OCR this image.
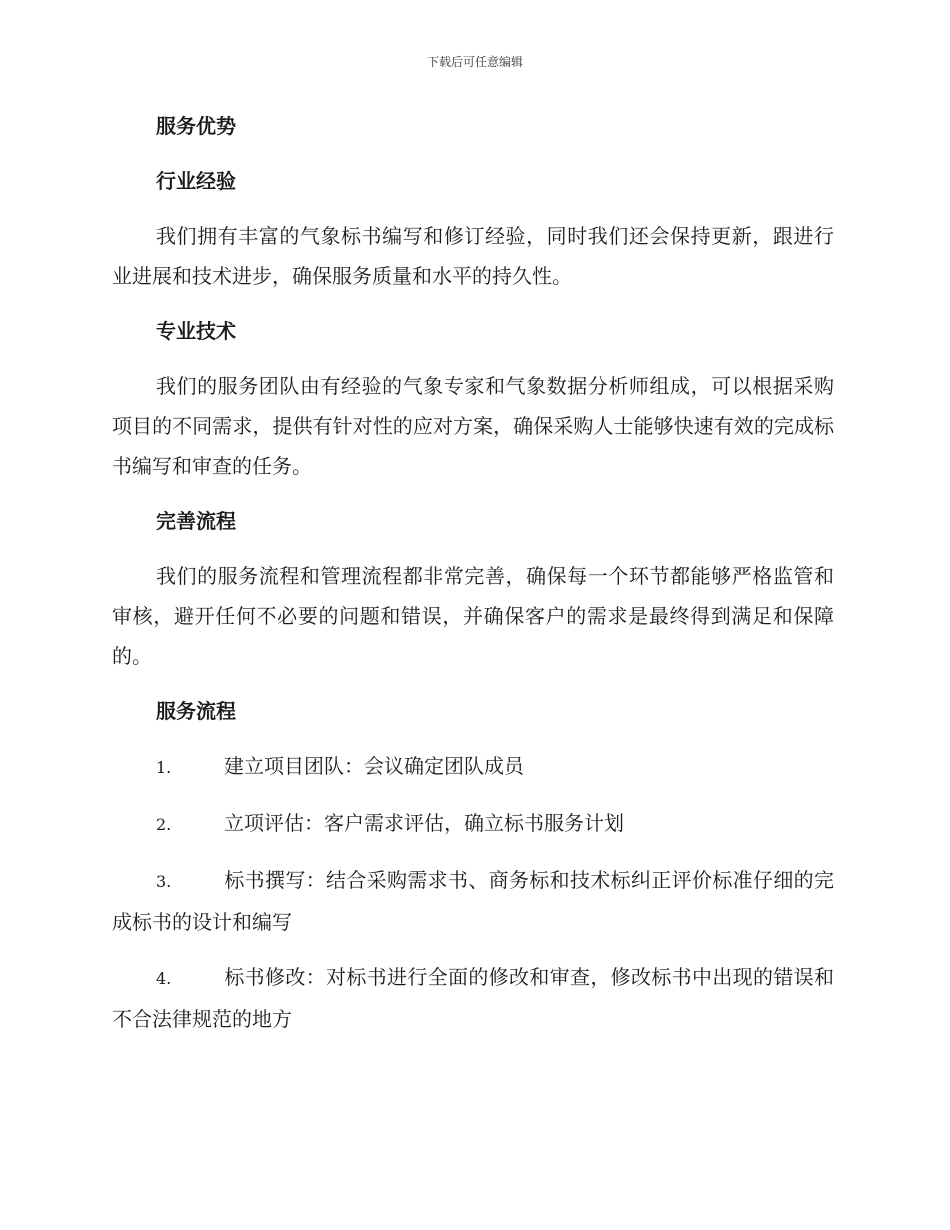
下载后可任意编辑
服务优势
行业经验
我们拥有丰富的气象标书编写和修订经验，同时我们还会保持更新，跟进行业进展和技术进步，确保服务质量和水平的持久性。
专业技术
我们的服务团队由有经验的气象专家和气象数据分析师组成，可以根据采购项目的不同需求，提供有针对性的应对方案，确保采购人士能够快速有效的完成标书编写和审查的任务。
完善流程
我们的服务流程和管理流程都非常完善，确保每一个环节都能够严格监管和审核，避开任何不必要的问题和错误，并确保客户的需求是最终得到满足和保障的。
服务流程
1.	建立项目团队：会议确定团队成员
2.	立项评估：客户需求评估，确立标书服务计划
3.	标书撰写：结合采购需求书、商务标和技术标纠正评价标准仔细的完成标书的设计和编写
4.	标书修改：对标书进行全面的修改和审查，修改标书中出现的错误和不合法律规范的地方
